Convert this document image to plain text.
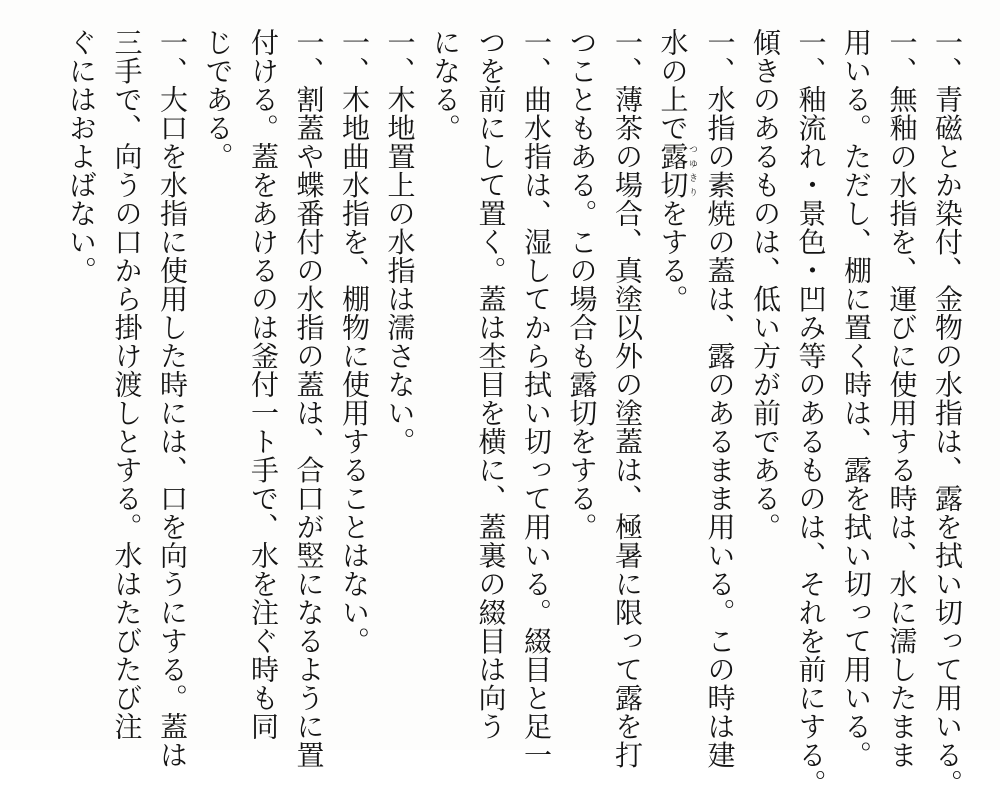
一、青磁とか染付、金物の水指は、露を拭い切って用いる。
一、無釉の水指を、運びに使用する時は、水に濡したまま
用いる。ただし、棚に置く時は、露を拭い切って用いる。
一、釉流れ・景色・凹み等のあるものは、それを前にする。
傾きのあるものは、低い方が前である。
一、水指の素焼の蓋は、露のあるまま用いる。この時は建
水の上で露切つゆきりをする。
一、薄茶の場合、真塗以外の塗蓋は、極暑に限って露を打
つこともある。この場合も露切をする。
一、曲水指は、湿してから拭い切って用いる。綴目と足一
つを前にして置く。蓋は杢目を横に、蓋裏の綴目は向う
になる。
一、木地置上の水指は濡さない。
一、木地曲水指を、棚物に使用することはない。
一、割蓋や蝶番付の水指の蓋は、合口が竪になるように置
付ける。蓋をあけるのは釜付一ト手で、水を注ぐ時も同
じである。
一、大口を水指に使用した時には、口を向うにする。蓋は
三手で、向うの口から掛け渡しとする。水はたびたび注
ぐにはおよばない。
